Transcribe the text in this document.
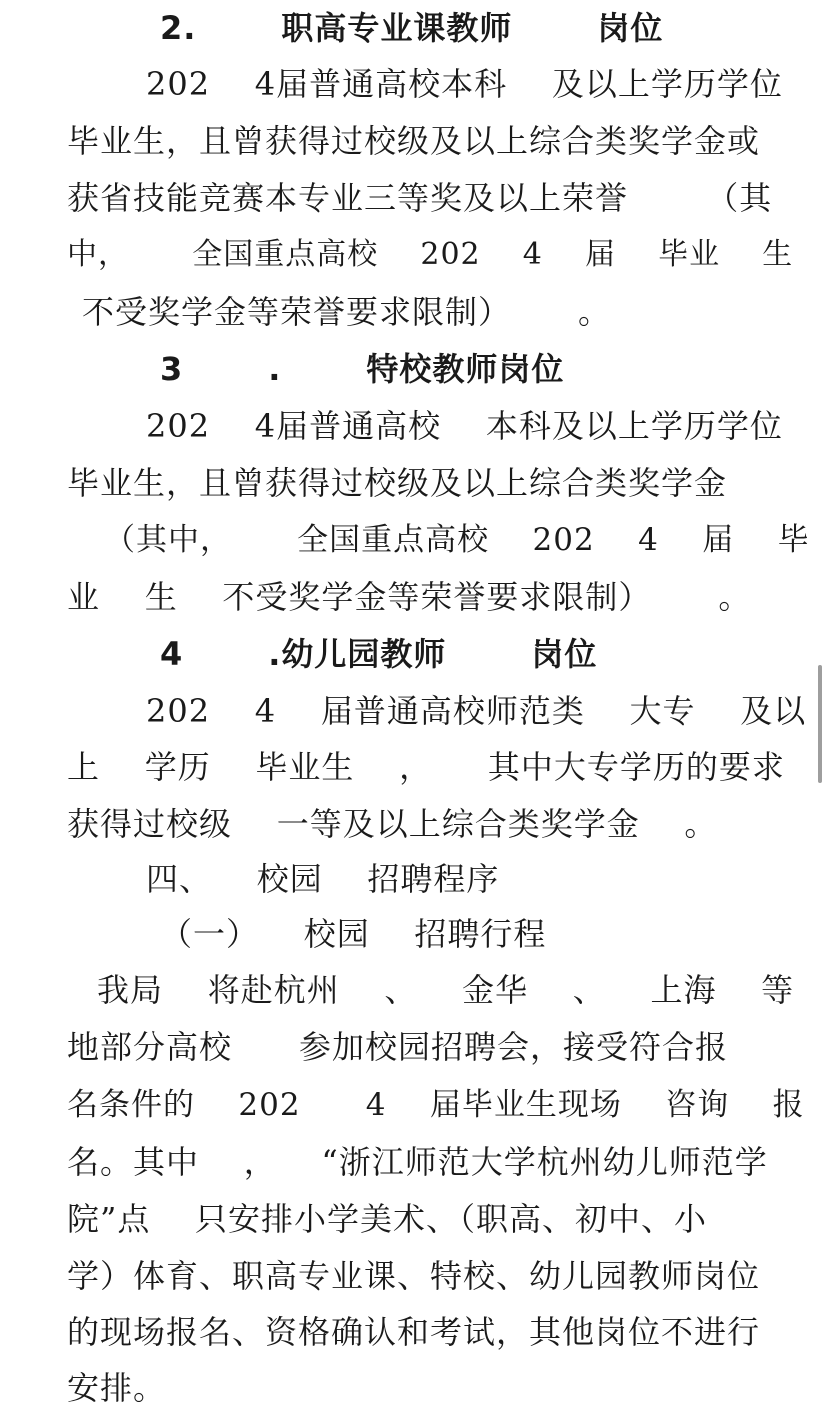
2.       职高专业课教师       岗位
202    4届普通高校本科    及以上学历学位
毕业生，且曾获得过校级及以上综合类奖学金或
获省技能竞赛本专业三等奖及以上荣誉       （其
中，      全国重点高校    202    4    届    毕业    生
不受奖学金等荣誉要求限制）      。
3       .       特校教师岗位
202    4届普通高校    本科及以上学历学位
毕业生，且曾获得过校级及以上综合类奖学金
（其中，      全国重点高校    202    4    届    毕
业    生    不受奖学金等荣誉要求限制）      。
4       .幼儿园教师       岗位
202    4    届普通高校师范类    大专    及以
上    学历    毕业生    ，     其中大专学历的要求
获得过校级    一等及以上综合类奖学金    。
四、    校园    招聘程序
（一）    校园    招聘行程
我局    将赴杭州    、    金华    、    上海    等
地部分高校      参加校园招聘会，接受符合报
名条件的    202      4    届毕业生现场    咨询    报
名。其中    ，    “浙江师范大学杭州幼儿师范学
院”点    只安排小学美术、（职高、初中、小
学）体育、职高专业课、特校、幼儿园教师岗位
的现场报名、资格确认和考试，其他岗位不进行
安排。
